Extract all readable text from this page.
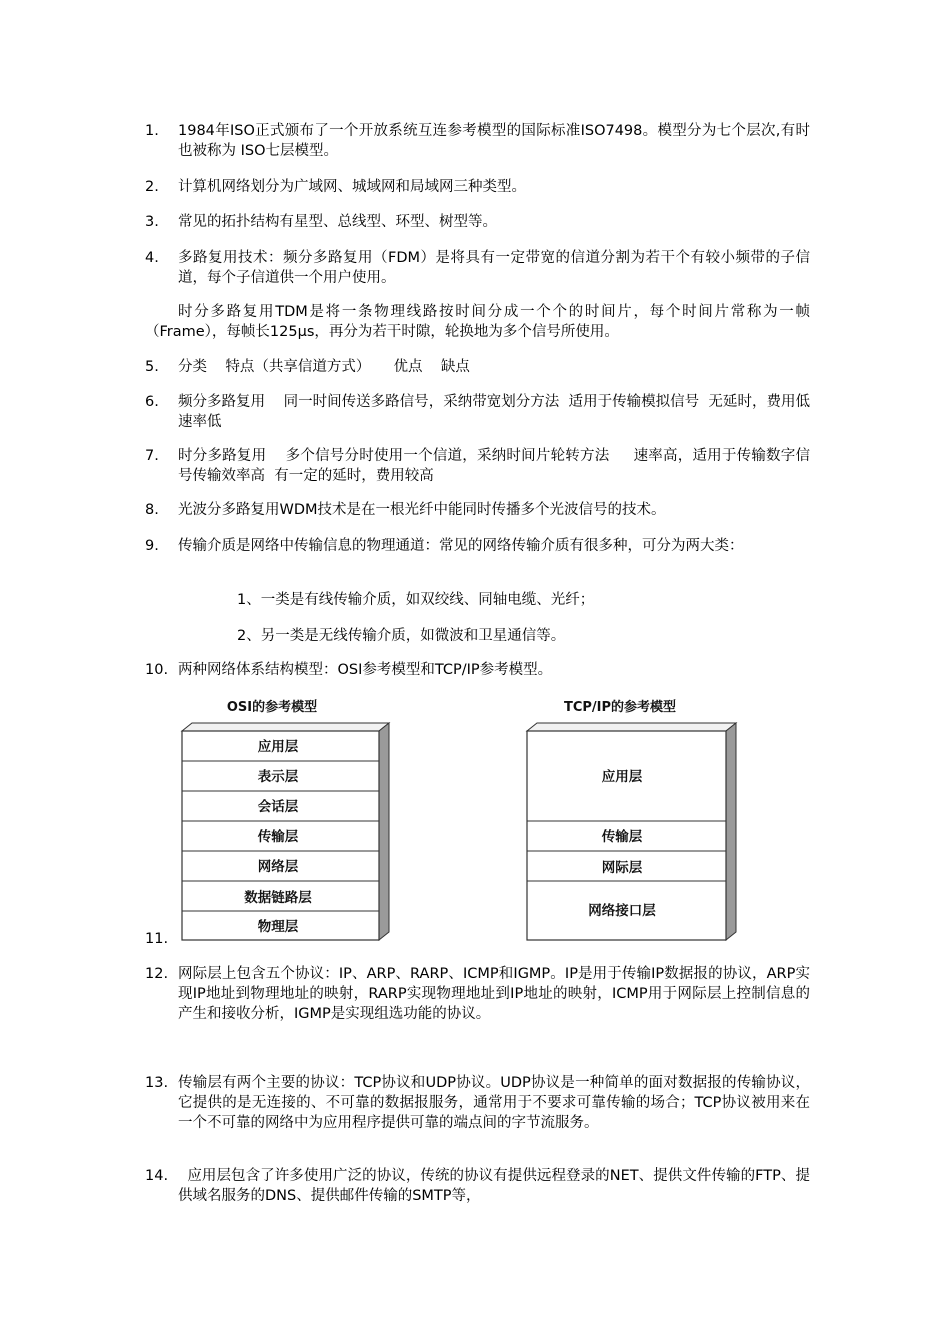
1.	1984年ISO正式颁布了一个开放系统互连参考模型的国际标准ISO7498。模型分为七个层次,有时也被称为 ISO七层模型。
2.	计算机网络划分为广域网、城域网和局域网三种类型。
3.	常见的拓扑结构有星型、总线型、环型、树型等。
4.	多路复用技术：频分多路复用（FDM）是将具有一定带宽的信道分割为若干个有较小频带的子信道，每个子信道供一个用户使用。
时分多路复用TDM是将一条物理线路按时间分成一个个的时间片，每个时间片常称为一帧（Frame），每帧长125μs，再分为若干时隙，轮换地为多个信号所使用。
5.	分类    特点（共享信道方式）     优点    缺点
6.	频分多路复用    同一时间传送多路信号，采纳带宽划分方法  适用于传输模拟信号  无延时，费用低  速率低
7.	时分多路复用    多个信号分时使用一个信道，采纳时间片轮转方法     速率高，适用于传输数字信号传输效率高  有一定的延时，费用较高
8.	光波分多路复用WDM技术是在一根光纤中能同时传播多个光波信号的技术。
9.	传输介质是网络中传输信息的物理通道：常见的网络传输介质有很多种，可分为两大类：
1、一类是有线传输介质，如双绞线、同轴电缆、光纤；
2、另一类是无线传输介质，如微波和卫星通信等。
10. 两种网络体系结构模型：OSI参考模型和TCP/IP参考模型。
11.
OSI的参考模型
应用层
表示层
会话层
传输层
网络层
数据链路层
物理层
TCP/IP的参考模型
应用层
传输层
网际层
网络接口层
12. 网际层上包含五个协议：IP、ARP、RARP、ICMP和IGMP。IP是用于传输IP数据报的协议，ARP实现IP地址到物理地址的映射，RARP实现物理地址到IP地址的映射，ICMP用于网际层上控制信息的产生和接收分析，IGMP是实现组选功能的协议。
13. 传输层有两个主要的协议：TCP协议和UDP协议。UDP协议是一种简单的面对数据报的传输协议，它提供的是无连接的、不可靠的数据报服务，通常用于不要求可靠传输的场合；TCP协议被用来在一个不可靠的网络中为应用程序提供可靠的端点间的字节流服务。
14. 应用层包含了许多使用广泛的协议，传统的协议有提供远程登录的NET、提供文件传输的FTP、提供域名服务的DNS、提供邮件传输的SMTP等，
